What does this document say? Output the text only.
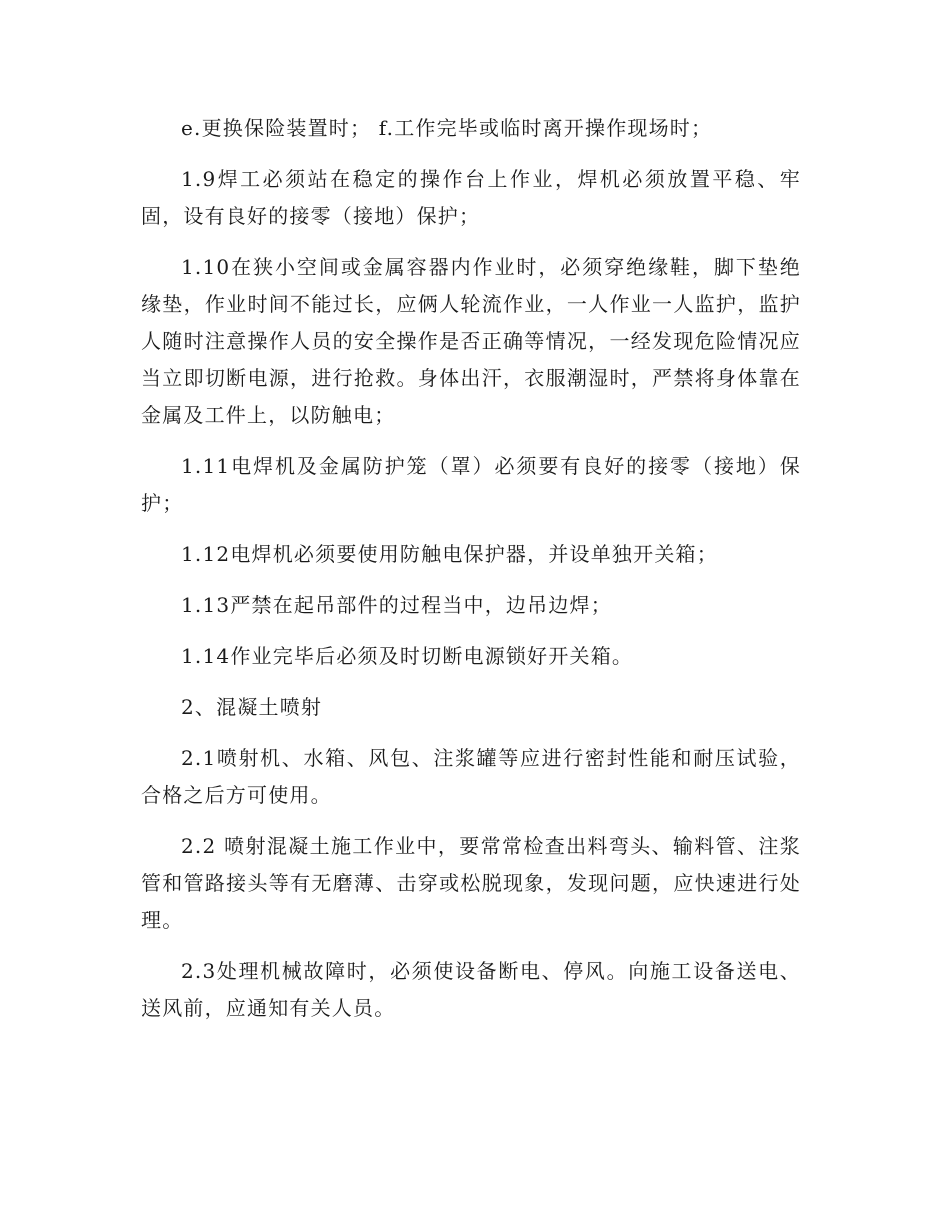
e.更换保险装置时； f.工作完毕或临时离开操作现场时；

1.9焊工必须站在稳定的操作台上作业，焊机必须放置平稳、牢固，设有良好的接零（接地）保护；

1.10在狭小空间或金属容器内作业时，必须穿绝缘鞋，脚下垫绝缘垫，作业时间不能过长，应俩人轮流作业，一人作业一人监护，监护人随时注意操作人员的安全操作是否正确等情况，一经发现危险情况应当立即切断电源，进行抢救。身体出汗，衣服潮湿时，严禁将身体靠在金属及工件上，以防触电；

1.11电焊机及金属防护笼（罩）必须要有良好的接零（接地）保护；

1.12电焊机必须要使用防触电保护器，并设单独开关箱；

1.13严禁在起吊部件的过程当中，边吊边焊；

1.14作业完毕后必须及时切断电源锁好开关箱。

2、混凝土喷射

2.1喷射机、水箱、风包、注浆罐等应进行密封性能和耐压试验，合格之后方可使用。

2.2 喷射混凝土施工作业中，要常常检查出料弯头、输料管、注浆管和管路接头等有无磨薄、击穿或松脱现象，发现问题，应快速进行处理。

2.3处理机械故障时，必须使设备断电、停风。向施工设备送电、送风前，应通知有关人员。
